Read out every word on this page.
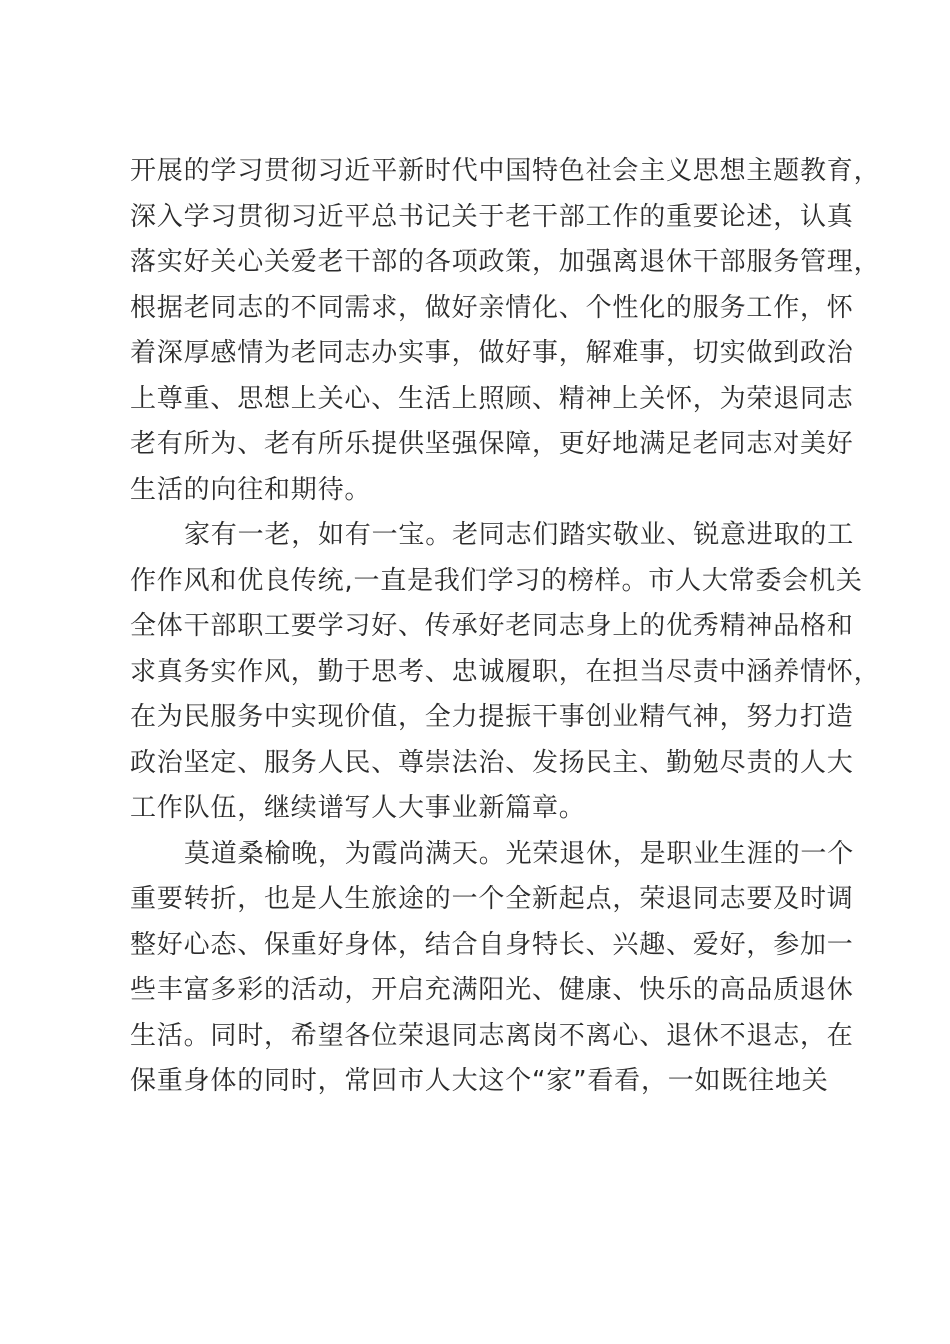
开展的学习贯彻习近平新时代中国特色社会主义思想主题教育，
深入学习贯彻习近平总书记关于老干部工作的重要论述，认真
落实好关心关爱老干部的各项政策，加强离退休干部服务管理，
根据老同志的不同需求，做好亲情化、个性化的服务工作，怀
着深厚感情为老同志办实事，做好事，解难事，切实做到政治
上尊重、思想上关心、生活上照顾、精神上关怀，为荣退同志
老有所为、老有所乐提供坚强保障，更好地满足老同志对美好
生活的向往和期待。
家有一老，如有一宝。老同志们踏实敬业、锐意进取的工
作作风和优良传统,一直是我们学习的榜样。市人大常委会机关
全体干部职工要学习好、传承好老同志身上的优秀精神品格和
求真务实作风，勤于思考、忠诚履职，在担当尽责中涵养情怀，
在为民服务中实现价值，全力提振干事创业精气神，努力打造
政治坚定、服务人民、尊崇法治、发扬民主、勤勉尽责的人大
工作队伍，继续谱写人大事业新篇章。
莫道桑榆晚，为霞尚满天。光荣退休，是职业生涯的一个
重要转折，也是人生旅途的一个全新起点，荣退同志要及时调
整好心态、保重好身体，结合自身特长、兴趣、爱好，参加一
些丰富多彩的活动，开启充满阳光、健康、快乐的高品质退休
生活。同时，希望各位荣退同志离岗不离心、退休不退志，在
保重身体的同时，常回市人大这个“家”看看，一如既往地关
